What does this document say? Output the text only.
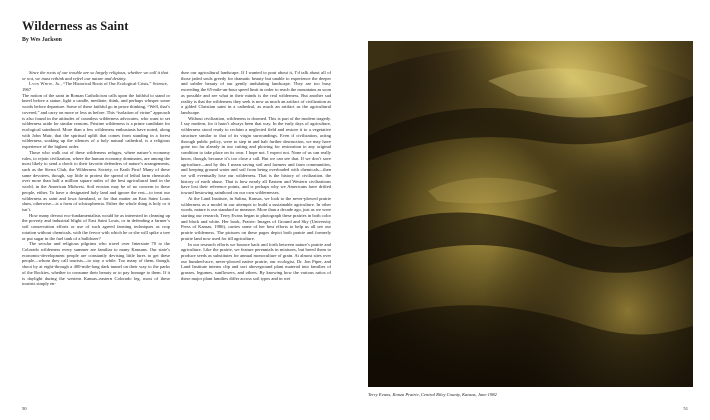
Wilderness as Saint
By Wes Jackson

Since the roots of our trouble are so largely religious, whether we call it that or not, we must rethink and refeel our nature and destiny.

Lynn White, Jr., “The Historical Roots of Our Ecological Crisis,” Science, 1967

The notion of the saint in Roman Catholicism calls upon the faithful to stand or kneel before a statue, light a candle, meditate, think, and perhaps whisper some words before departure. Some of these faithful go in peace thinking, “Well, that’s covered,” and carry on more or less as before. This “isolation of virtue” approach is also found in the attitudes of countless wilderness advocates, who want to set wilderness aside for similar reasons. Pristine wilderness is a prime candidate for ecological sainthood. More than a few wilderness enthusiasts have noted, along with John Muir, that the spiritual uplift that comes from standing in a forest wilderness, soaking up the silences of a holy natural cathedral, is a religious experience of the highest order.

Those who walk out of these wilderness refuges, where nature’s economy rules, to rejoin civilization, where the human economy dominates, are among the most likely to send a check to their favorite defenders of nature’s arrangements, such as the Sierra Club, the Wilderness Society, or Earth First! Many of these same devotees, though, say little to protest the spread of lethal farm chemicals over more than half a million square miles of the best agricultural land in the world, in the American Midwest. Soil erosion may be of no concern to these people, either. To have a designated holy land and ignore the rest—to treat our wilderness as saint and lowa farmland, or for that matter an East Saint Louis slum, otherwise—is a form of schizophrenia. Either the whole thing is holy or it isn’t.

How many devout eco-fundamentalists would be as interested in cleaning up the poverty and industrial blight of East Saint Louis, or in defending a farmer’s soil conservation efforts or use of such agreed farming techniques as crop rotation without chemicals, with the fervor with which he or she will spike a tree or put sugar in the fuel tank of a bulldozer?

The secular and religious pilgrims who travel over Interstate 70 to the Colorado wilderness every summer are familiar to many Kansans. Our state’s economic-development people are constantly devising little lures to get these people—whom they call tourists—to stay a while. Too many of them, though, shoot by at eight-through a 400-mile-long dark tunnel on their way to the parks of the Rockies, whether to consume their beauty or to pay homage to them. If it is daylight during the western Kansas–eastern Colorado leg, most of these tourists simply en-

dure our agricultural landscape. If I wanted to pout about it, I’d talk about all of those jaded souls greedy for dramatic beauty but unable to experience the deeper and subtler beauty of our gently undulating landscape. They are too busy exceeding the 65-mile-an-hour speed limit in order to reach the mountains as soon as possible and see what in their minds is the real wilderness. But another sad reality is that the wilderness they seek is now as much an artifact of civilization as a gilded Christian saint in a cathedral, as much an artifact as the agricultural landscape.

Without civilization, wilderness is doomed. This is part of the modern tragedy. I say modern, for it hasn’t always been that way. In the early days of agriculture, wilderness stood ready to reclaim a neglected field and restore it to a vegetative structure similar to that of its virgin surroundings. Even if civilization, acting through public policy, were to step in and halt further destruction, we may have gone too far already in our cutting and plowing for restoration to any original condition to take place on its own. I hope not. I expect not. None of us can really know, though, because it’s too close a call. But we can see that. If we don’t save agriculture—and by this I mean saving soil and farmers and farm communities, and keeping ground water and soil from being overloaded with chemicals—then we will eventually lose our wilderness. That is the history of civilization, the history of earth abuse. That is how nearly all Eastern and Western civilizations have lost their reference points, and is perhaps why we Americans have drifted toward bestowing sainthood on our own wildernesses.

At the Land Institute, in Salina, Kansas, we look to the never-plowed prairie wilderness as a model in our attempts to build a sustainable agriculture. In other words, nature is our standard or measure. More than a decade ago, just as we were starting our research, Terry Evans began to photograph these prairies in both color and black and white. Her book, Prairie: Images of Ground and Sky (University Press of Kansas, 1986), carries some of her best efforts to help us all see our prairie wilderness. The pictures on these pages depict both prairie and formerly prairie land now used for till agriculture.

In our research efforts we bounce back and forth between nature’s prairie and agriculture. Like the prairie, we feature perennials in mixtures, but breed them to produce seeds as substitutes for annual monoculture of grain. At almost sites over our hundred-acre, never-plowed native prairie, our ecologist, Dr. Jon Piper, and Land Institute interns clip and sort aboveground plant material into families of grasses, legumes, sunflowers, and others. By knowing how the various ratios of these major plant families differ across soil types and in wet

50
Terry Evans, Konza Prairie, Central Riley County, Kansas, June 1982
51
